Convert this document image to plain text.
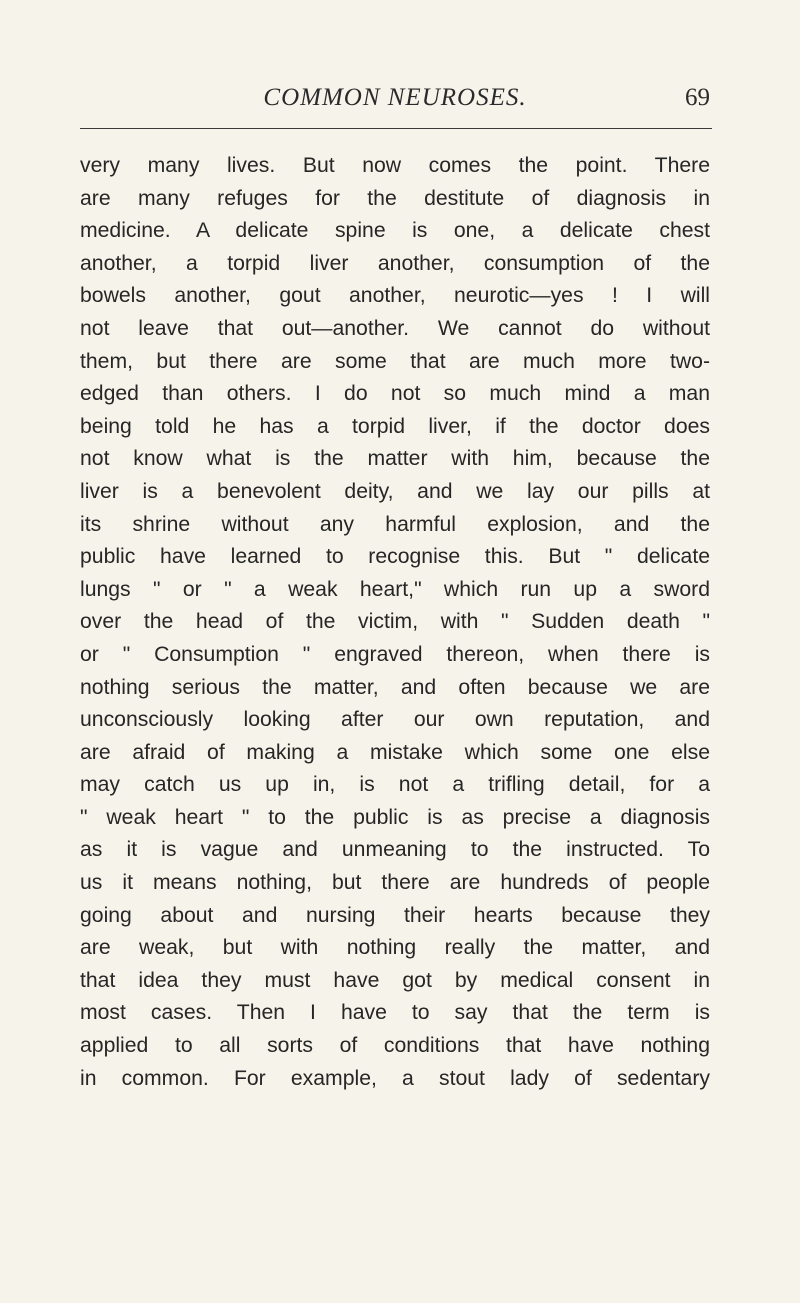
COMMON NEUROSES.	69
very many lives. But now comes the point. There
are many refuges for the destitute of diagnosis in
medicine. A delicate spine is one, a delicate chest
another, a torpid liver another, consumption of the
bowels another, gout another, neurotic—yes ! I will
not leave that out—another. We cannot do without
them, but there are some that are much more two-
edged than others. I do not so much mind a man
being told he has a torpid liver, if the doctor does
not know what is the matter with him, because the
liver is a benevolent deity, and we lay our pills at
its shrine without any harmful explosion, and the
public have learned to recognise this. But " delicate
lungs " or " a weak heart," which run up a sword
over the head of the victim, with " Sudden death "
or " Consumption " engraved thereon, when there is
nothing serious the matter, and often because we are
unconsciously looking after our own reputation, and
are afraid of making a mistake which some one else
may catch us up in, is not a trifling detail, for a
" weak heart " to the public is as precise a diagnosis
as it is vague and unmeaning to the instructed. To
us it means nothing, but there are hundreds of people
going about and nursing their hearts because they
are weak, but with nothing really the matter, and
that idea they must have got by medical consent in
most cases. Then I have to say that the term is
applied to all sorts of conditions that have nothing
in common. For example, a stout lady of sedentary
